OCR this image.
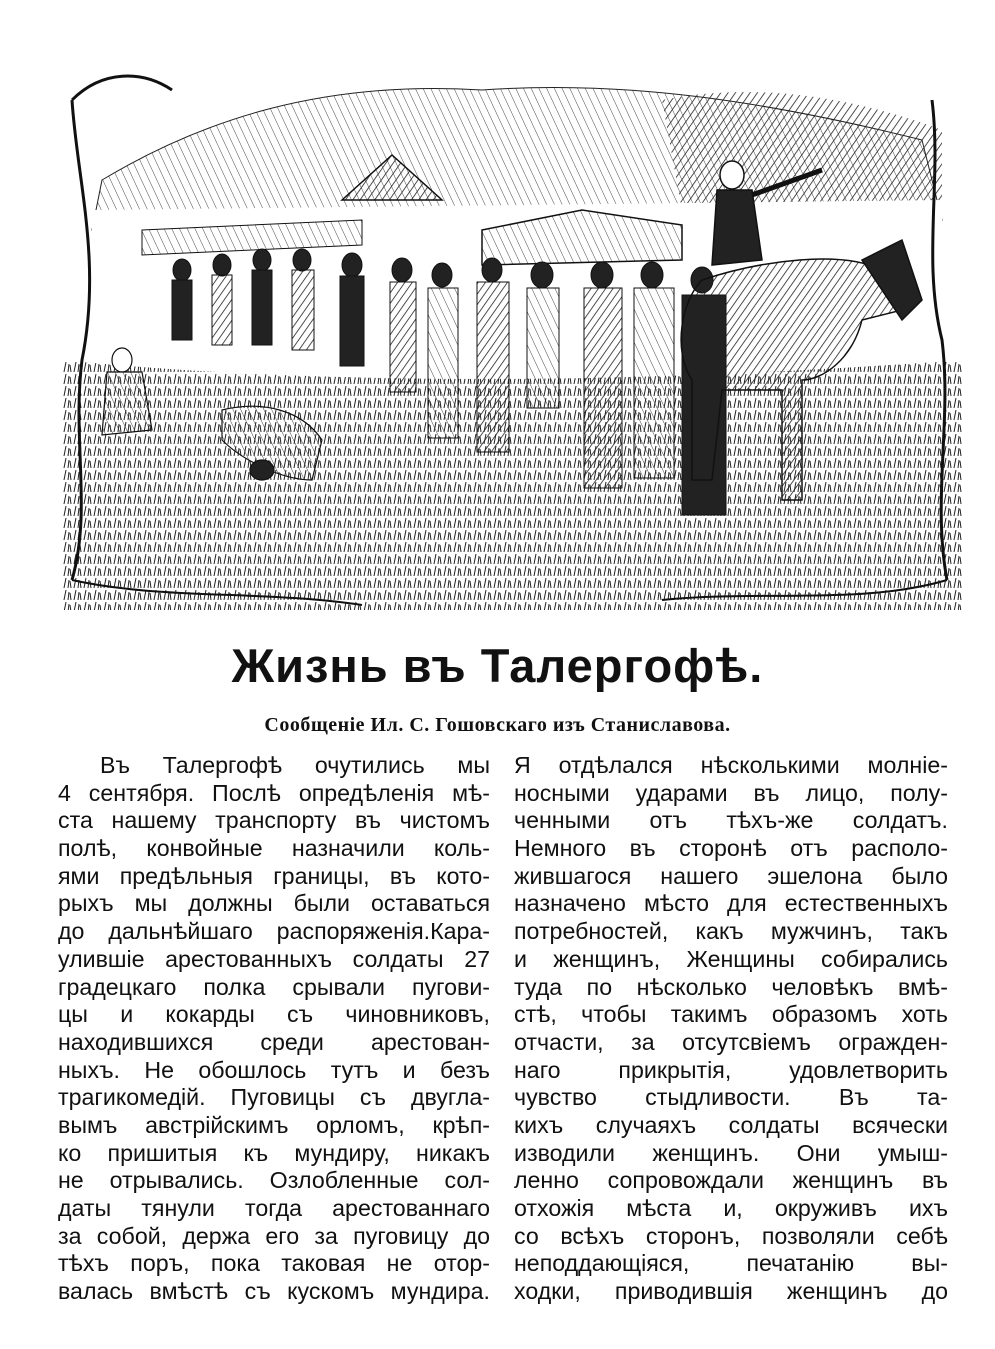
Жизнь въ Талергофѣ.

Сообщеніе Ил. С. Гошовскаго изъ Станиславова.

Въ Талергофѣ очутились мы
4 сентября. Послѣ опредѣленія мѣ-
ста нашему транспорту въ чистомъ
полѣ, конвойные назначили коль-
ями предѣльныя границы, въ кото-
рыхъ мы должны были оставаться
до дальнѣйшаго распоряженія.Кара-
улившіе арестованныхъ солдаты 27
градецкаго полка срывали пугови-
цы и кокарды съ чиновниковъ,
находившихся среди арестован-
ныхъ. Не обошлось тутъ и безъ
трагикомедій. Пуговицы съ двугла-
вымъ австрійскимъ орломъ, крѣп-
ко пришитыя къ мундиру, никакъ
не отрывались. Озлобленные сол-
даты тянули тогда арестованнаго
за собой, держа его за пуговицу до
тѣхъ поръ, пока таковая не отор-
валась вмѣстѣ съ кускомъ мундира.
Я отдѣлался нѣсколькими молніе-
носными ударами въ лицо, полу-
ченными отъ тѣхъ-же солдатъ.
Немного въ сторонѣ отъ располо-
жившагося нашего эшелона было
назначено мѣсто для естественныхъ
потребностей, какъ мужчинъ, такъ
и женщинъ, Женщины собирались
туда по нѣсколько человѣкъ вмѣ-
стѣ, чтобы такимъ образомъ хоть
отчасти, за отсутсвіемъ огражден-
наго прикрытія, удовлетворить
чувство стыдливости. Въ та-
кихъ случаяхъ солдаты всячески
изводили женщинъ. Они умыш-
ленно сопровождали женщинъ въ
отхожія мѣста и, окруживъ ихъ
со всѣхъ сторонъ, позволяли себѣ
неподдающіяся, печатанію вы-
ходки, приводившія женщинъ до
